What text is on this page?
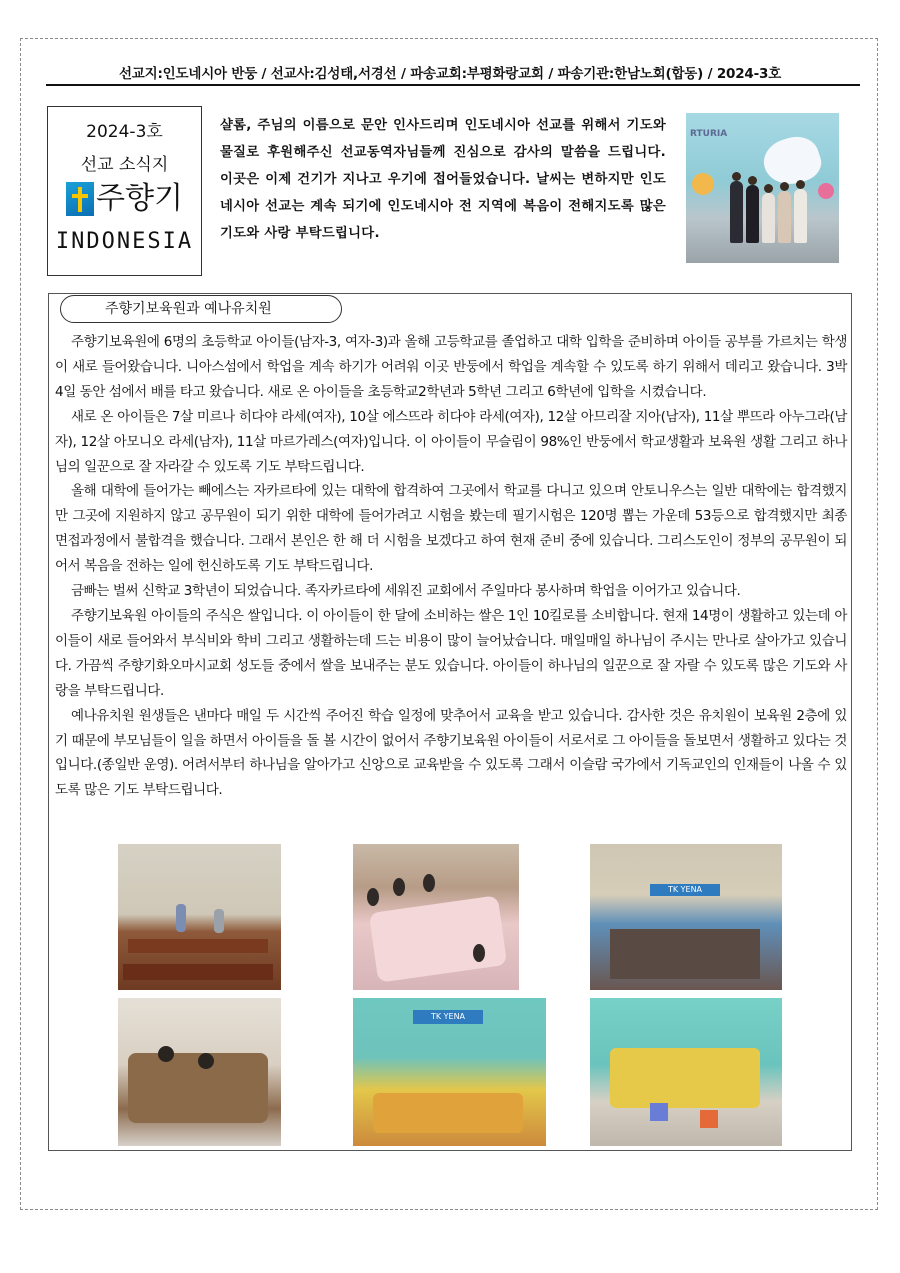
선교지:인도네시아 반둥 / 선교사:김성태,서경선 / 파송교회:부평화랑교회 / 파송기관:한남노회(합동) / 2024-3호
2024-3호
선교 소식지
주향기
INDONESIA
샬롬, 주님의 이름으로 문안 인사드리며 인도네시아 선교를 위해서 기도와 물질로 후원해주신 선교동역자님들께 진심으로 감사의 말씀을 드립니다. 이곳은 이제 건기가 지나고 우기에 접어들었습니다. 날씨는 변하지만 인도네시아 선교는 계속 되기에 인도네시아 전 지역에 복음이 전해지도록 많은 기도와 사랑 부탁드립니다.
RTURIA
주향기보육원과 예나유치원

주향기보육원에 6명의 초등학교 아이들(남자-3, 여자-3)과 올해 고등학교를 졸업하고 대학 입학을 준비하며 아이들 공부를 가르치는 학생이 새로 들어왔습니다. 니아스섬에서 학업을 계속 하기가 어려워 이곳 반둥에서 학업을 계속할 수 있도록 하기 위해서 데리고 왔습니다. 3박 4일 동안 섬에서 배를 타고 왔습니다. 새로 온 아이들을 초등학교2학년과 5학년 그리고 6학년에 입학을 시켰습니다.

새로 온 아이들은 7살 미르나 히다야 라세(여자), 10살 에스뜨라 히다야 라세(여자), 12살 아므리잘 지아(남자), 11살 뿌뜨라 아누그라(남자), 12살 아모니오 라세(남자), 11살 마르가레스(여자)입니다. 이 아이들이 무슬림이 98%인 반둥에서 학교생활과 보육원 생활 그리고 하나님의 일꾼으로 잘 자라갈 수 있도록 기도 부탁드립니다.

올해 대학에 들어가는 빼에스는 자카르타에 있는 대학에 합격하여 그곳에서 학교를 다니고 있으며 안토니우스는 일반 대학에는 합격했지만 그곳에 지원하지 않고 공무원이 되기 위한 대학에 들어가려고 시험을 봤는데 필기시험은 120명 뽑는 가운데 53등으로 합격했지만 최종 면접과정에서 불합격을 했습니다. 그래서 본인은 한 해 더 시험을 보겠다고 하여 현재 준비 중에 있습니다. 그리스도인이 정부의 공무원이 되어서 복음을 전하는 일에 헌신하도록 기도 부탁드립니다.

금빠는 벌써 신학교 3학년이 되었습니다. 족자카르타에 세워진 교회에서 주일마다 봉사하며 학업을 이어가고 있습니다.

주향기보육원 아이들의 주식은 쌀입니다. 이 아이들이 한 달에 소비하는 쌀은 1인 10킬로를 소비합니다. 현재 14명이 생활하고 있는데 아이들이 새로 들어와서 부식비와 학비 그리고 생활하는데 드는 비용이 많이 늘어났습니다. 매일매일 하나님이 주시는 만나로 살아가고 있습니다. 가끔씩 주향기화오마시교회 성도들 중에서 쌀을 보내주는 분도 있습니다. 아이들이 하나님의 일꾼으로 잘 자랄 수 있도록 많은 기도와 사랑을 부탁드립니다.

예나유치원 원생들은 낸마다 매일 두 시간씩 주어진 학습 일정에 맞추어서 교육을 받고 있습니다. 감사한 것은 유치원이 보육원 2층에 있기 때문에 부모님들이 일을 하면서 아이들을 돌 볼 시간이 없어서 주향기보육원 아이들이 서로서로 그 아이들을 돌보면서 생활하고 있다는 것입니다.(종일반 운영). 어려서부터 하나님을 알아가고 신앙으로 교육받을 수 있도록 그래서 이슬람 국가에서 기독교인의 인재들이 나올 수 있도록 많은 기도 부탁드립니다.

TK YENA
TK YENA
